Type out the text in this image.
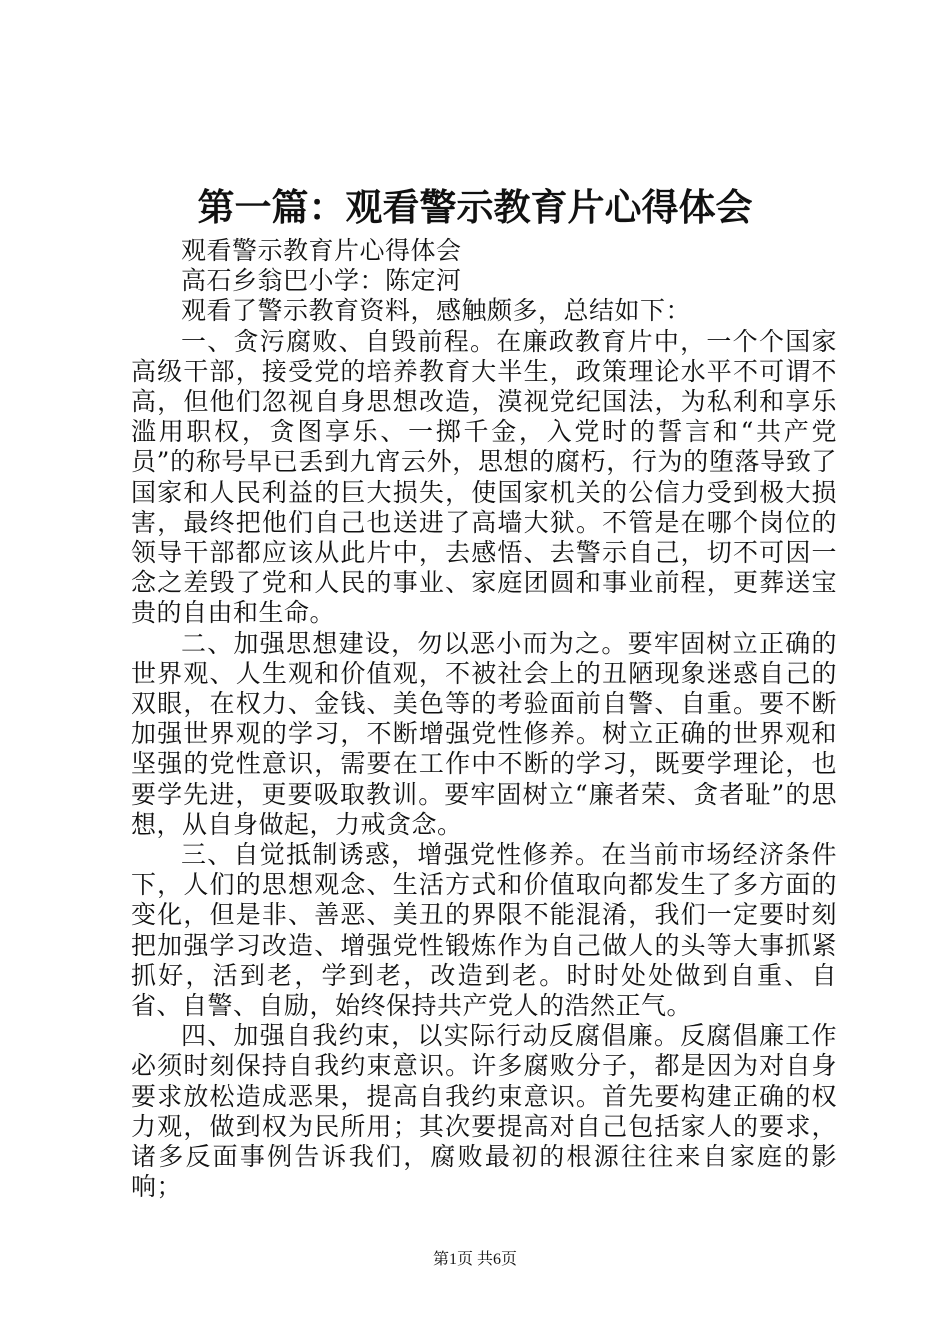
第一篇：观看警示教育片心得体会

观看警示教育片心得体会

高石乡翁巴小学：陈定河

观看了警示教育资料，感触颇多，总结如下：

一、贪污腐败、自毁前程。在廉政教育片中，一个个国家高级干部，接受党的培养教育大半生，政策理论水平不可谓不高，但他们忽视自身思想改造，漠视党纪国法，为私利和享乐滥用职权，贪图享乐、一掷千金，入党时的誓言和“共产党员”的称号早已丢到九宵云外，思想的腐朽，行为的堕落导致了国家和人民利益的巨大损失，使国家机关的公信力受到极大损害，最终把他们自己也送进了高墙大狱。不管是在哪个岗位的领导干部都应该从此片中，去感悟、去警示自己，切不可因一念之差毁了党和人民的事业、家庭团圆和事业前程，更葬送宝贵的自由和生命。

二、加强思想建设，勿以恶小而为之。要牢固树立正确的世界观、人生观和价值观，不被社会上的丑陋现象迷惑自己的双眼，在权力、金钱、美色等的考验面前自警、自重。要不断加强世界观的学习，不断增强党性修养。树立正确的世界观和坚强的党性意识，需要在工作中不断的学习，既要学理论，也要学先进，更要吸取教训。要牢固树立“廉者荣、贪者耻”的思想，从自身做起，力戒贪念。

三、自觉抵制诱惑，增强党性修养。在当前市场经济条件下，人们的思想观念、生活方式和价值取向都发生了多方面的变化，但是非、善恶、美丑的界限不能混淆，我们一定要时刻把加强学习改造、增强党性锻炼作为自己做人的头等大事抓紧抓好，活到老，学到老，改造到老。时时处处做到自重、自省、自警、自励，始终保持共产党人的浩然正气。

四、加强自我约束，以实际行动反腐倡廉。反腐倡廉工作必须时刻保持自我约束意识。许多腐败分子，都是因为对自身要求放松造成恶果，提高自我约束意识。首先要构建正确的权力观，做到权为民所用；其次要提高对自己包括家人的要求，诸多反面事例告诉我们，腐败最初的根源往往来自家庭的影响；

第1页 共6页
